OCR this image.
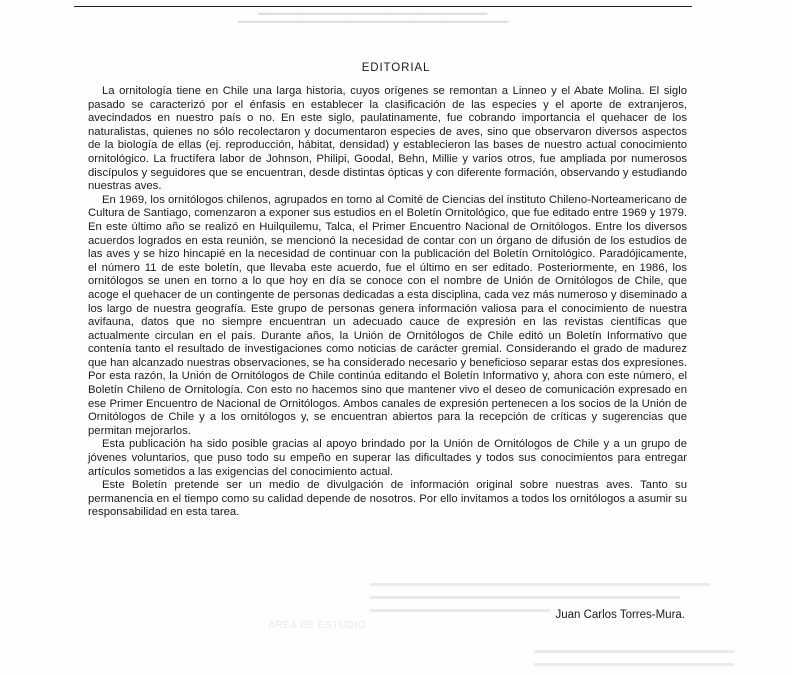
▬▬▬▬▬▬▬▬▬▬▬▬▬▬▬▬▬▬▬▬▬▬▬▬▬▬▬▬
▬▬▬▬▬▬▬▬▬▬▬▬▬▬▬▬▬▬▬▬▬▬▬▬▬▬▬▬▬▬▬▬▬
EDITORIAL

La ornitología tiene en Chile una larga historia, cuyos orígenes se remontan a Linneo y el Abate Molina. El siglo pasado se caracterizó por el énfasis en establecer la clasificación de las especies y el aporte de extranjeros, avecindados en nuestro país o no. En este siglo, paulatinamente, fue cobrando importancia el quehacer de los naturalistas, quienes no sólo recolectaron y documentaron especies de aves, sino que observaron diversos aspectos de la biología de ellas (ej. reproducción, hábitat, densidad) y establecieron las bases de nuestro actual conocimiento ornitológico. La fructífera labor de Johnson, Philipi, Goodal, Behn, Millie y varios otros, fue ampliada por numerosos discípulos y seguidores que se encuentran, desde distintas ópticas y con diferente formación, observando y estudiando nuestras aves.

En 1969, los ornitólogos chilenos, agrupados en torno al Comité de Ciencias del instituto Chileno-Norteamericano de Cultura de Santiago, comenzaron a exponer sus estudios en el Boletín Ornitológico, que fue editado entre 1969 y 1979. En este último año se realizó en Huilquilemu, Talca, el Primer Encuentro Nacional de Ornitólogos. Entre los diversos acuerdos logrados en esta reunión, se mencionó la necesidad de contar con un órgano de difusión de los estudios de las aves y se hizo hincapié en la necesidad de continuar con la publicación del Boletín Ornitológico. Paradójicamente, el número 11 de este boletín, que llevaba este acuerdo, fue el último en ser editado. Posteriormente, en 1986, los ornitólogos se unen en torno a lo que hoy en día se conoce con el nombre de Unión de Ornitólogos de Chile, que acoge el quehacer de un contingente de personas dedicadas a esta disciplina, cada vez más numeroso y diseminado a los largo de nuestra geografía. Este grupo de personas genera información valiosa para el conocimiento de nuestra avifauna, datos que no siempre encuentran un adecuado cauce de expresión en las revistas científicas que actualmente circulan en el país. Durante años, la Unión de Ornitólogos de Chile editó un Boletín Informativo que contenía tanto el resultado de investigaciones como noticias de carácter gremial. Considerando el grado de madurez que han alcanzado nuestras observaciones, se ha considerado necesario y beneficioso separar estas dos expresiones. Por esta razón, la Unión de Ornitólogos de Chile continúa editando el Boletín Informativo y, ahora con este número, el Boletín Chileno de Ornitología. Con esto no hacemos sino que mantener vivo el deseo de comunicación expresado en ese Primer Encuentro de Nacional de Ornitólogos. Ambos canales de expresión pertenecen a los socios de la Unión de Ornitólogos de Chile y a los ornitólogos y, se encuentran abiertos para la recepción de críticas y sugerencias que permitan mejorarlos.

Esta publicación ha sido posible gracias al apoyo brindado por la Unión de Ornitólogos de Chile y a un grupo de jóvenes voluntarios, que puso todo su empeño en superar las dificultades y todos sus conocimientos para entregar artículos sometidos a las exigencias del conocimiento actual.

Este Boletín pretende ser un medio de divulgación de información original sobre nuestras aves. Tanto su permanencia en el tiempo como su calidad depende de nosotros. Por ello invitamos a todos los ornitólogos a asumir su responsabilidad en esta tarea.

Juan Carlos Torres-Mura.
AREA DE ESTUDIO
▬▬▬▬▬▬▬▬▬▬▬▬▬▬▬▬▬▬▬▬▬▬▬▬▬▬▬▬▬▬▬▬▬▬
▬▬▬▬▬▬▬▬▬▬▬▬▬▬▬▬▬▬▬▬▬▬▬▬▬▬▬▬▬▬▬
▬▬▬▬▬▬▬▬▬▬▬▬▬▬▬▬▬▬
▬▬▬▬▬▬▬▬▬▬▬▬▬▬▬▬▬▬▬▬
▬▬▬▬▬▬▬▬▬▬▬▬▬▬▬▬▬▬▬▬
